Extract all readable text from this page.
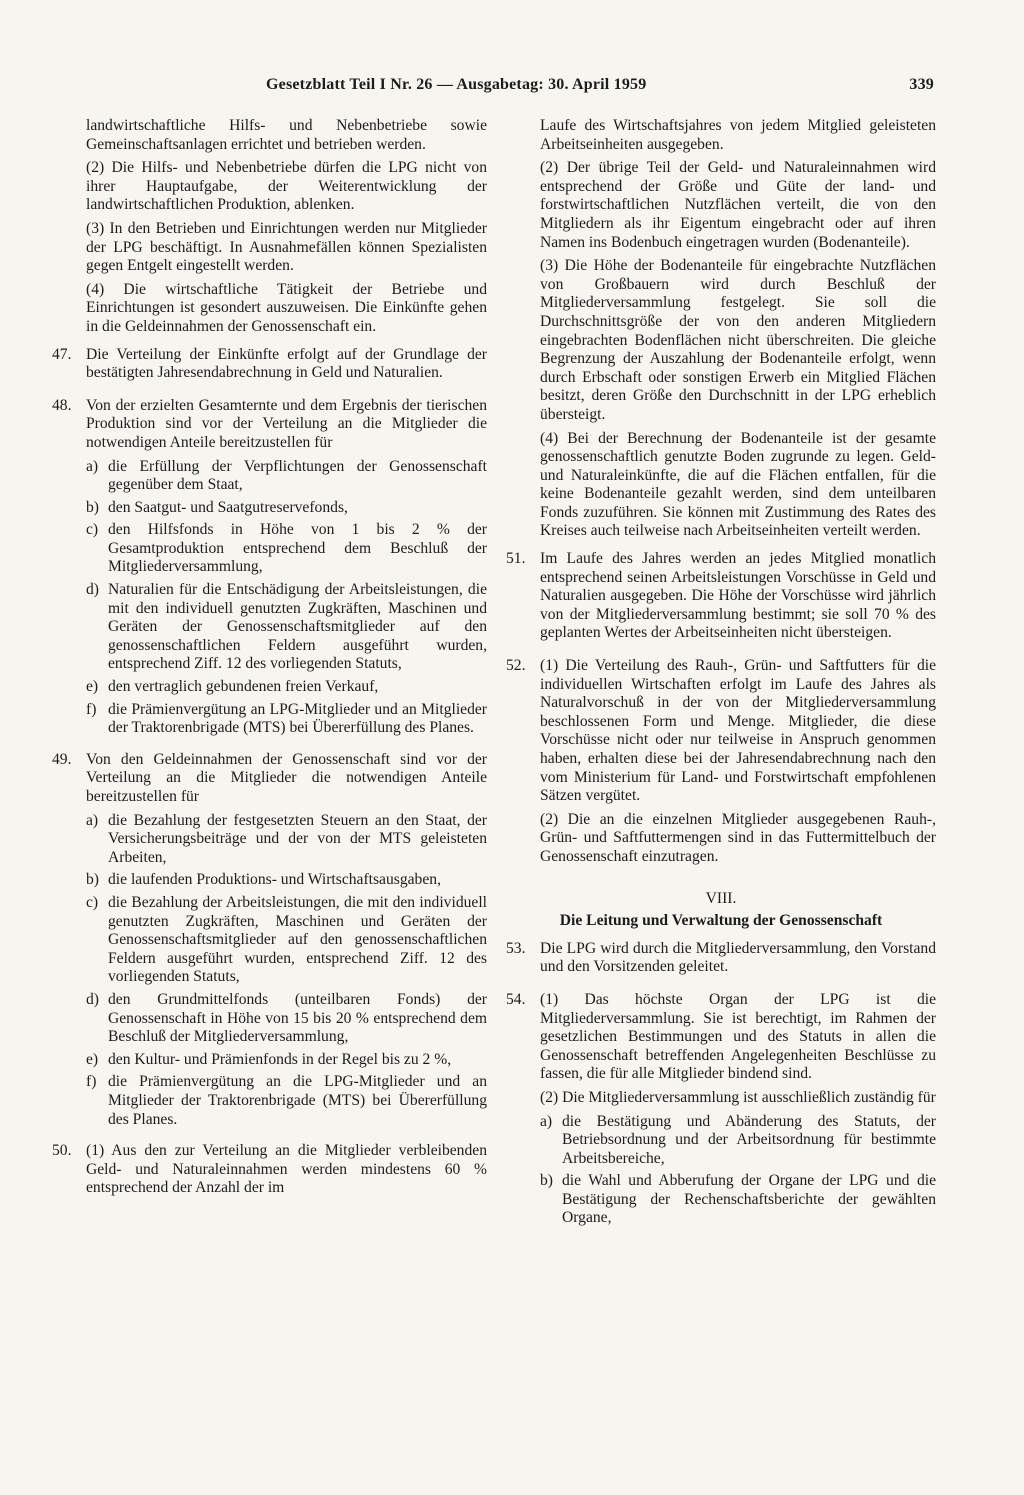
Gesetzblatt Teil I Nr. 26 — Ausgabetag: 30. April 1959	339

landwirtschaftliche Hilfs- und Nebenbetriebe sowie Gemeinschaftsanlagen errichtet und betrieben werden.

(2) Die Hilfs- und Nebenbetriebe dürfen die LPG nicht von ihrer Hauptaufgabe, der Weiterentwicklung der landwirtschaftlichen Produktion, ablenken.

(3) In den Betrieben und Einrichtungen werden nur Mitglieder der LPG beschäftigt. In Ausnahmefällen können Spezialisten gegen Entgelt eingestellt werden.

(4) Die wirtschaftliche Tätigkeit der Betriebe und Einrichtungen ist gesondert auszuweisen. Die Einkünfte gehen in die Geldeinnahmen der Genossenschaft ein.

47. Die Verteilung der Einkünfte erfolgt auf der Grundlage der bestätigten Jahresendabrechnung in Geld und Naturalien.

48. Von der erzielten Gesamternte und dem Ergebnis der tierischen Produktion sind vor der Verteilung an die Mitglieder die notwendigen Anteile bereitzustellen für

a) die Erfüllung der Verpflichtungen der Genossenschaft gegenüber dem Staat,
b) den Saatgut- und Saatgutreservefonds,
c) den Hilfsfonds in Höhe von 1 bis 2 % der Gesamtproduktion entsprechend dem Beschluß der Mitgliederversammlung,
d) Naturalien für die Entschädigung der Arbeitsleistungen, die mit den individuell genutzten Zugkräften, Maschinen und Geräten der Genossenschaftsmitglieder auf den genossenschaftlichen Feldern ausgeführt wurden, entsprechend Ziff. 12 des vorliegenden Statuts,
e) den vertraglich gebundenen freien Verkauf,
f) die Prämienvergütung an LPG-Mitglieder und an Mitglieder der Traktorenbrigade (MTS) bei Übererfüllung des Planes.
49. Von den Geldeinnahmen der Genossenschaft sind vor der Verteilung an die Mitglieder die notwendigen Anteile bereitzustellen für

a) die Bezahlung der festgesetzten Steuern an den Staat, der Versicherungsbeiträge und der von der MTS geleisteten Arbeiten,
b) die laufenden Produktions- und Wirtschaftsausgaben,
c) die Bezahlung der Arbeitsleistungen, die mit den individuell genutzten Zugkräften, Maschinen und Geräten der Genossenschaftsmitglieder auf den genossenschaftlichen Feldern ausgeführt wurden, entsprechend Ziff. 12 des vorliegenden Statuts,
d) den Grundmittelfonds (unteilbaren Fonds) der Genossenschaft in Höhe von 15 bis 20 % entsprechend dem Beschluß der Mitgliederversammlung,
e) den Kultur- und Prämienfonds in der Regel bis zu 2 %,
f) die Prämienvergütung an die LPG-Mitglieder und an Mitglieder der Traktorenbrigade (MTS) bei Übererfüllung des Planes.
50. (1) Aus den zur Verteilung an die Mitglieder verbleibenden Geld- und Naturaleinnahmen werden mindestens 60 % entsprechend der Anzahl der im

Laufe des Wirtschaftsjahres von jedem Mitglied geleisteten Arbeitseinheiten ausgegeben.

(2) Der übrige Teil der Geld- und Naturaleinnahmen wird entsprechend der Größe und Güte der land- und forstwirtschaftlichen Nutzflächen verteilt, die von den Mitgliedern als ihr Eigentum eingebracht oder auf ihren Namen ins Bodenbuch eingetragen wurden (Bodenanteile).

(3) Die Höhe der Bodenanteile für eingebrachte Nutzflächen von Großbauern wird durch Beschluß der Mitgliederversammlung festgelegt. Sie soll die Durchschnittsgröße der von den anderen Mitgliedern eingebrachten Bodenflächen nicht überschreiten. Die gleiche Begrenzung der Auszahlung der Bodenanteile erfolgt, wenn durch Erbschaft oder sonstigen Erwerb ein Mitglied Flächen besitzt, deren Größe den Durchschnitt in der LPG erheblich übersteigt.

(4) Bei der Berechnung der Bodenanteile ist der gesamte genossenschaftlich genutzte Boden zugrunde zu legen. Geld- und Naturaleinkünfte, die auf die Flächen entfallen, für die keine Bodenanteile gezahlt werden, sind dem unteilbaren Fonds zuzuführen. Sie können mit Zustimmung des Rates des Kreises auch teilweise nach Arbeitseinheiten verteilt werden.

51. Im Laufe des Jahres werden an jedes Mitglied monatlich entsprechend seinen Arbeitsleistungen Vorschüsse in Geld und Naturalien ausgegeben. Die Höhe der Vorschüsse wird jährlich von der Mitgliederversammlung bestimmt; sie soll 70 % des geplanten Wertes der Arbeitseinheiten nicht übersteigen.

52. (1) Die Verteilung des Rauh-, Grün- und Saftfutters für die individuellen Wirtschaften erfolgt im Laufe des Jahres als Naturalvorschuß in der von der Mitgliederversammlung beschlossenen Form und Menge. Mitglieder, die diese Vorschüsse nicht oder nur teilweise in Anspruch genommen haben, erhalten diese bei der Jahresendabrechnung nach den vom Ministerium für Land- und Forstwirtschaft empfohlenen Sätzen vergütet.

(2) Die an die einzelnen Mitglieder ausgegebenen Rauh-, Grün- und Saftfuttermengen sind in das Futtermittelbuch der Genossenschaft einzutragen.

VIII.
Die Leitung und Verwaltung der Genossenschaft
53. Die LPG wird durch die Mitgliederversammlung, den Vorstand und den Vorsitzenden geleitet.

54. (1) Das höchste Organ der LPG ist die Mitgliederversammlung. Sie ist berechtigt, im Rahmen der gesetzlichen Bestimmungen und des Statuts in allen die Genossenschaft betreffenden Angelegenheiten Beschlüsse zu fassen, die für alle Mitglieder bindend sind.

(2) Die Mitgliederversammlung ist ausschließlich zuständig für

a) die Bestätigung und Abänderung des Statuts, der Betriebsordnung und der Arbeitsordnung für bestimmte Arbeitsbereiche,
b) die Wahl und Abberufung der Organe der LPG und die Bestätigung der Rechenschaftsberichte der gewählten Organe,
